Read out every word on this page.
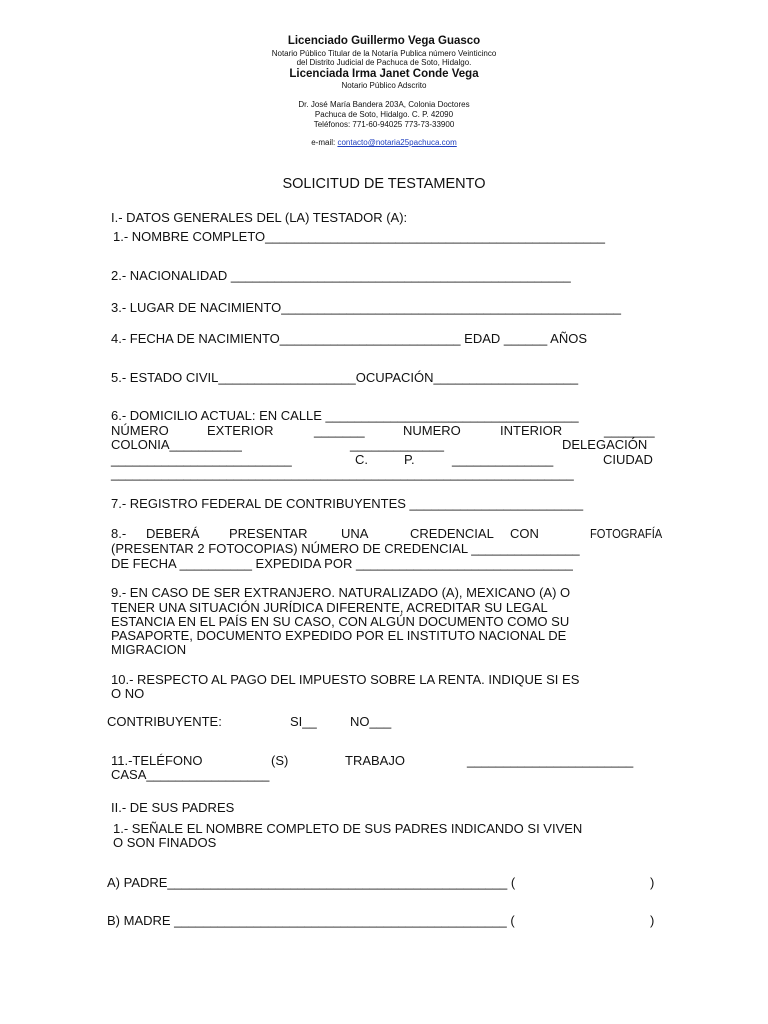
Licenciado Guillermo Vega Guasco
Notario Público Titular de la Notaría Publica número Veinticinco
del Distrito Judicial de Pachuca de Soto, Hidalgo.
Licenciada Irma Janet Conde Vega
Notario Público Adscrito
Dr. José María Bandera 203A, Colonia Doctores
Pachuca de Soto, Hidalgo. C. P. 42090
Teléfonos: 771-60-94025 773-73-33900
e-mail: contacto@notaria25pachuca.com
SOLICITUD DE TESTAMENTO
I.- DATOS GENERALES DEL (LA) TESTADOR (A):
1.- NOMBRE COMPLETO_______________________________________________
2.- NACIONALIDAD _______________________________________________
3.- LUGAR DE NACIMIENTO_______________________________________________
4.- FECHA DE NACIMIENTO_________________________ EDAD ______ AÑOS
5.- ESTADO CIVIL___________________OCUPACIÓN____________________
6.- DOMICILIO ACTUAL: EN CALLE ___________________________________
NÚMERO	EXTERIOR	_______	NUMERO	INTERIOR	_______
COLONIA__________	_____________	DELEGACIÓN
_________________________	C.	P.	______________	CIUDAD
________________________________________________________________
7.- REGISTRO FEDERAL DE CONTRIBUYENTES ________________________
8.- DEBERÁ PRESENTAR	UNA	CREDENCIAL CON	FOTOGRAFÍA
(PRESENTAR 2 FOTOCOPIAS) NÚMERO DE CREDENCIAL _______________
DE FECHA __________ EXPEDIDA POR ______________________________
9.- EN CASO DE SER EXTRANJERO. NATURALIZADO (A), MEXICANO (A) O
TENER UNA SITUACIÓN JURÍDICA DIFERENTE, ACREDITAR SU LEGAL
ESTANCIA EN EL PAÍS EN SU CASO, CON ALGÚN DOCUMENTO COMO SU
PASAPORTE, DOCUMENTO EXPEDIDO POR EL INSTITUTO NACIONAL DE
MIGRACION
10.- RESPECTO AL PAGO DEL IMPUESTO SOBRE LA RENTA. INDIQUE SI ES
O NO
CONTRIBUYENTE:	SI__	NO___
11.-TELÉFONO	(S)	TRABAJO	_______________________
CASA_________________
II.- DE SUS PADRES
1.- SEÑALE EL NOMBRE COMPLETO DE SUS PADRES INDICANDO SI VIVEN
O SON FINADOS
A) PADRE_______________________________________________ (	)
B) MADRE ______________________________________________ (	)
